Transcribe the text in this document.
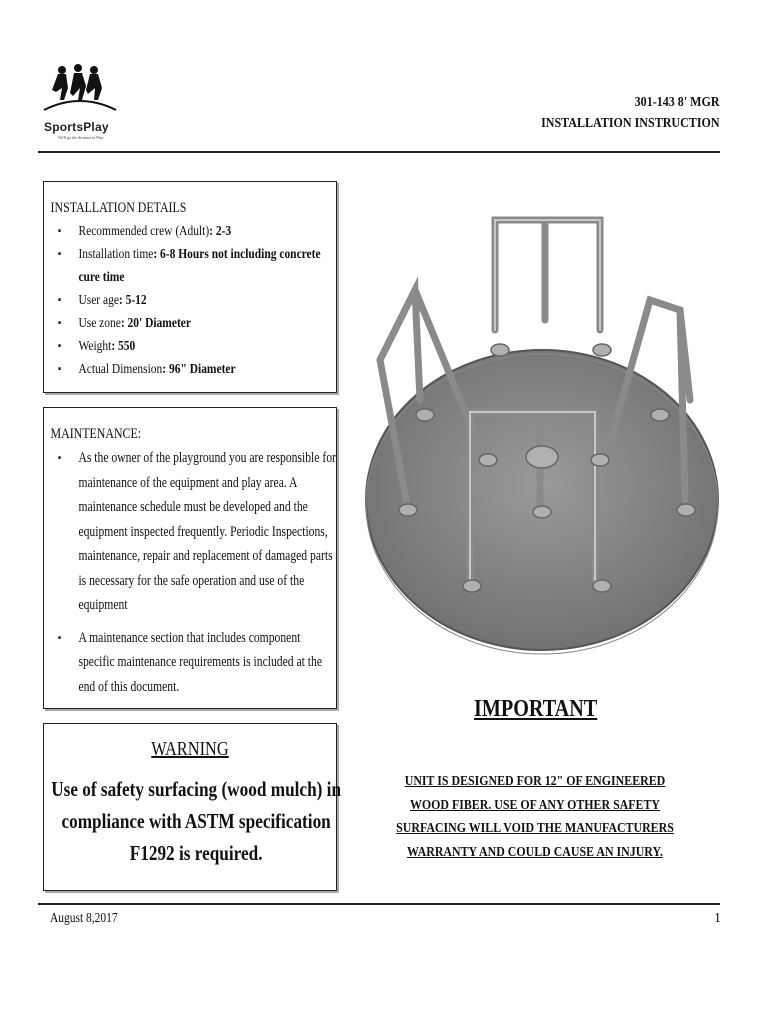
SportsPlay
We'll go the distance to Play
301-143 8' MGR
INSTALLATION INSTRUCTION
INSTALLATION DETAILS
▪ Recommended crew (Adult): 2-3
▪ Installation time: 6-8 Hours not including concrete cure time
▪ User age: 5-12
▪ Use zone: 20' Diameter
▪ Weight: 550
▪ Actual Dimension: 96" Diameter
MAINTENANCE:
▪ As the owner of the playground you are responsible for maintenance of the equipment and play area. A maintenance schedule must be developed and the equipment inspected frequently. Periodic Inspections, maintenance, repair and replacement of damaged parts is necessary for the safe operation and use of the equipment
▪ A maintenance section that includes component specific maintenance requirements is included at the end of this document.
WARNING
Use of safety surfacing (wood mulch) in compliance with ASTM specification F1292 is required.
IMPORTANT
UNIT IS DESIGNED FOR 12" OF ENGINEERED WOOD FIBER. USE OF ANY OTHER SAFETY SURFACING WILL VOID THE MANUFACTURERS WARRANTY AND COULD CAUSE AN INJURY.
August 8,2017	1
